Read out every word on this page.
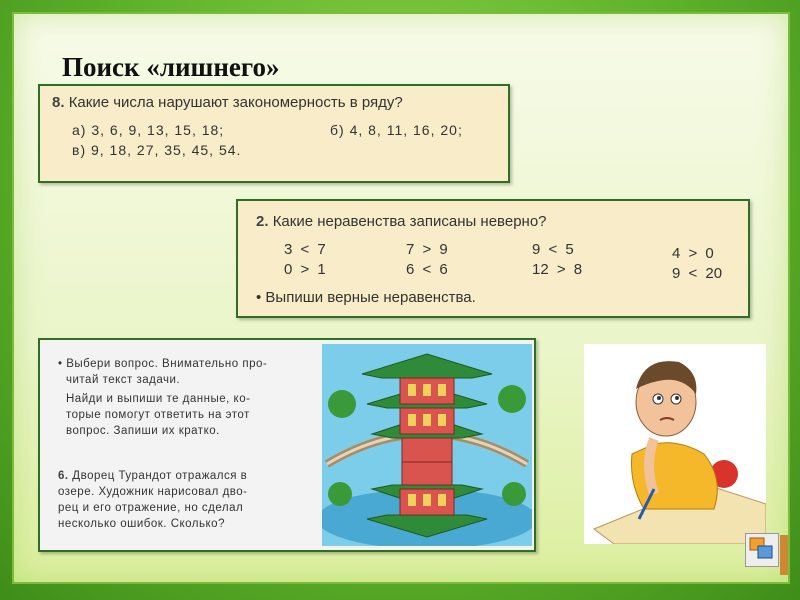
Поиск «лишнего»
8. Какие числа нарушают закономерность в ряду?
а) 3, 6, 9, 13, 15, 18;	б) 4, 8, 11, 16, 20;
в) 9, 18, 27, 35, 45, 54.
2. Какие неравенства записаны неверно?
3 < 7
0 > 1
7 > 9
6 < 6
9 < 5
12 > 8
4 > 0
9 < 20
• Выпиши верные неравенства.
• Выбери вопрос. Внимательно про-
читай текст задачи.
Найди и выпиши те данные, ко-
торые помогут ответить на этот
вопрос. Запиши их кратко.
6. Дворец Турандот отражался в
озере. Художник нарисовал дво-
рец и его отражение, но сделал
несколько ошибок. Сколько?
